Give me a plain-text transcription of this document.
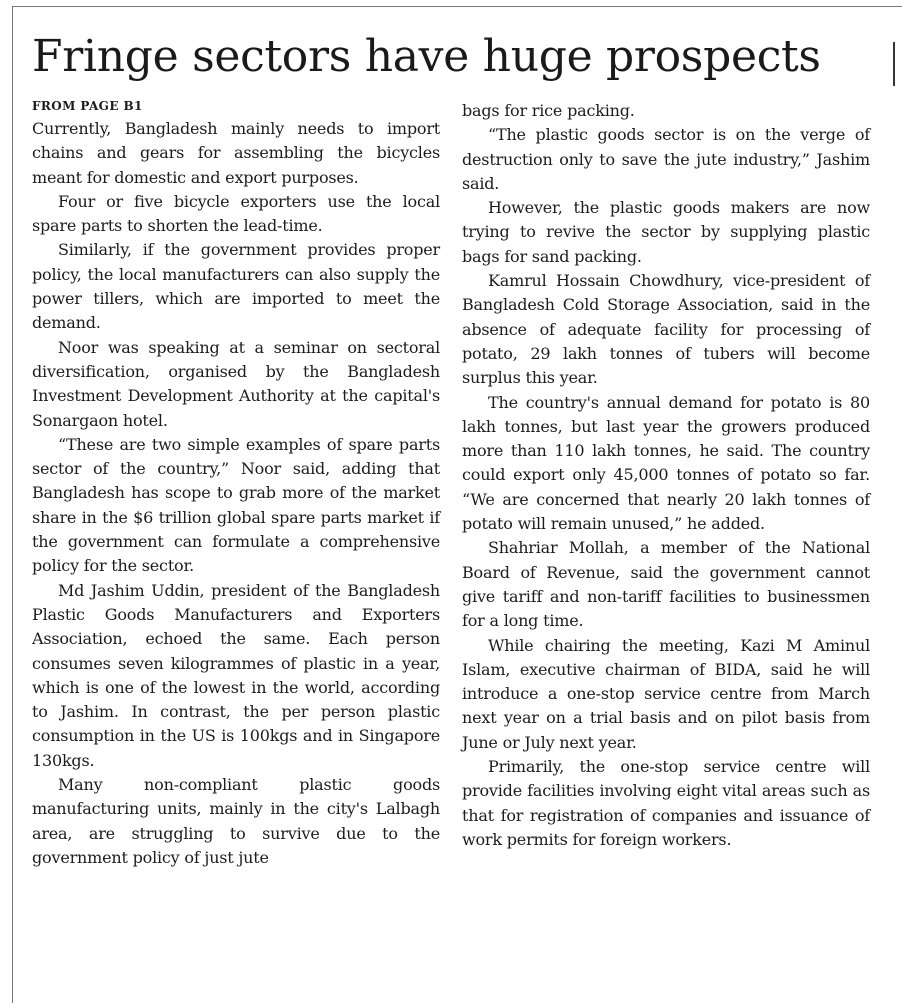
Fringe sectors have huge prospects
FROM PAGE B1

Currently, Bangladesh mainly needs to import chains and gears for assembling the bicycles meant for domestic and export purposes.

Four or five bicycle exporters use the local spare parts to shorten the lead-time.

Similarly, if the government provides proper policy, the local manufacturers can also supply the power tillers, which are imported to meet the demand.

Noor was speaking at a seminar on sectoral diversification, organised by the Bangladesh Investment Development Authority at the capital's Sonargaon hotel.

“These are two simple examples of spare parts sector of the country,” Noor said, adding that Bangladesh has scope to grab more of the market share in the $6 trillion global spare parts market if the government can formulate a comprehensive policy for the sector.

Md Jashim Uddin, president of the Bangladesh Plastic Goods Manufacturers and Exporters Association, echoed the same. Each person consumes seven kilogrammes of plastic in a year, which is one of the lowest in the world, according to Jashim. In contrast, the per person plastic consumption in the US is 100kgs and in Singapore 130kgs.

Many non-compliant plastic goods manufacturing units, mainly in the city's Lalbagh area, are struggling to survive due to the government policy of just jute

bags for rice packing.

“The plastic goods sector is on the verge of destruction only to save the jute industry,” Jashim said.

However, the plastic goods makers are now trying to revive the sector by supplying plastic bags for sand packing.

Kamrul Hossain Chowdhury, vice-president of Bangladesh Cold Storage Association, said in the absence of adequate facility for processing of potato, 29 lakh tonnes of tubers will become surplus this year.

The country's annual demand for potato is 80 lakh tonnes, but last year the growers produced more than 110 lakh tonnes, he said. The country could export only 45,000 tonnes of potato so far. “We are concerned that nearly 20 lakh tonnes of potato will remain unused,” he added.

Shahriar Mollah, a member of the National Board of Revenue, said the government cannot give tariff and non-tariff facilities to businessmen for a long time.

While chairing the meeting, Kazi M Aminul Islam, executive chairman of BIDA, said he will introduce a one-stop service centre from March next year on a trial basis and on pilot basis from June or July next year.

Primarily, the one-stop service centre will provide facilities involving eight vital areas such as that for registration of companies and issuance of work permits for foreign workers.
